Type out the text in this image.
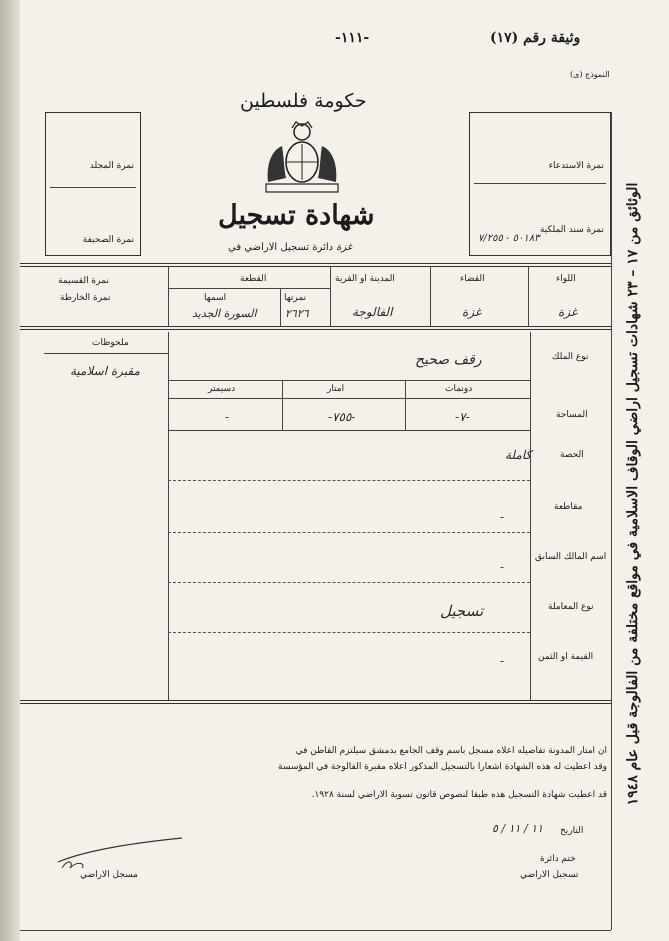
وثيقة رقم (١٧)
-١١١-
الوثائق من ١٧ – ٢٣ شهادات تسجيل اراضي الوقاف الاسلامية في مواقع مختلفة من الفالوجة قبل عام ١٩٤٨
النموذج (ى)
حكومة فلسطين
شهادة تسجيل
غزة دائرة تسجيل الاراضي في
نمرة المجلد
نمرة الصحيفة
نمرة الاستدعاء
نمرة سند الملكية
٥٠١٨٣ - ٧/٢٥٥
اللواء
القضاء
المدينة او القرية
القطعة
نمرة القسيمة
نمرة الخارطة	نمرتها
اسمها
غزة
غزة
الفالوجة
٢٦٢٦
السورة الجديد
ملحوظات
مقبرة اسلامية
نوع الملك
رقف صحيح
دونمات
امتار
دسيمتر
المساحة
-٧-
-٧٥٥-
-
الحصة
كاملة
مقاطعة
-
اسم المالك السابق
-
نوع المعاملة
تسجيل
القيمة او الثمن
-
ان امتار المدونة تفاصيله اعلاه مسجل باسم وقف الجامع بدمشق سيلتزم القاطن في
وقد اعطيت له هذه الشهادة اشعارا بالتسجيل المذكور اعلاه مقبرة الفالوجة في المؤسسة
قد اعطيت شهادة التسجيل هذه طبقا لنصوص قانون تسوية الاراضي لسنة ١٩٢٨.
التاريخ
١١ / ١١ / ٥
ختم دائرة
تسجيل الاراضي
مسجل الاراضي
